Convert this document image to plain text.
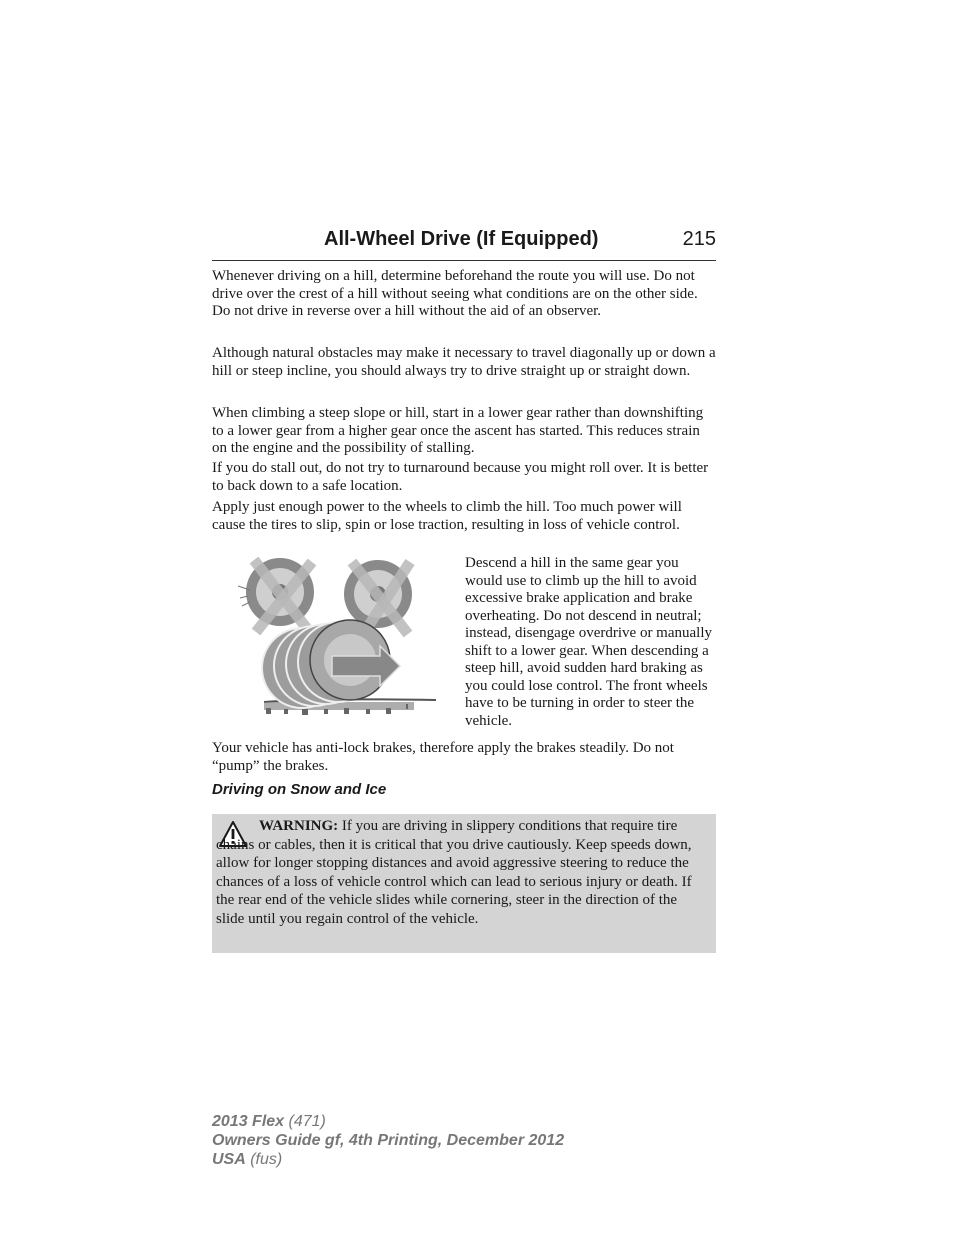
All-Wheel Drive (If Equipped)	215

Whenever driving on a hill, determine beforehand the route you will use. Do not drive over the crest of a hill without seeing what conditions are on the other side. Do not drive in reverse over a hill without the aid of an observer.

Although natural obstacles may make it necessary to travel diagonally up or down a hill or steep incline, you should always try to drive straight up or straight down.

When climbing a steep slope or hill, start in a lower gear rather than downshifting to a lower gear from a higher gear once the ascent has started. This reduces strain on the engine and the possibility of stalling.

If you do stall out, do not try to turnaround because you might roll over. It is better to back down to a safe location.

Apply just enough power to the wheels to climb the hill. Too much power will cause the tires to slip, spin or lose traction, resulting in loss of vehicle control.

Descend a hill in the same gear you would use to climb up the hill to avoid excessive brake application and brake overheating. Do not descend in neutral; instead, disengage overdrive or manually shift to a lower gear. When descending a steep hill, avoid sudden hard braking as you could lose control. The front wheels have to be turning in order to steer the vehicle.

Your vehicle has anti-lock brakes, therefore apply the brakes steadily. Do not “pump” the brakes.

Driving on Snow and Ice

WARNING: If you are driving in slippery conditions that require tire chains or cables, then it is critical that you drive cautiously. Keep speeds down, allow for longer stopping distances and avoid aggressive steering to reduce the chances of a loss of vehicle control which can lead to serious injury or death. If the rear end of the vehicle slides while cornering, steer in the direction of the slide until you regain control of the vehicle.

2013 Flex (471)
Owners Guide gf, 4th Printing, December 2012
USA (fus)
